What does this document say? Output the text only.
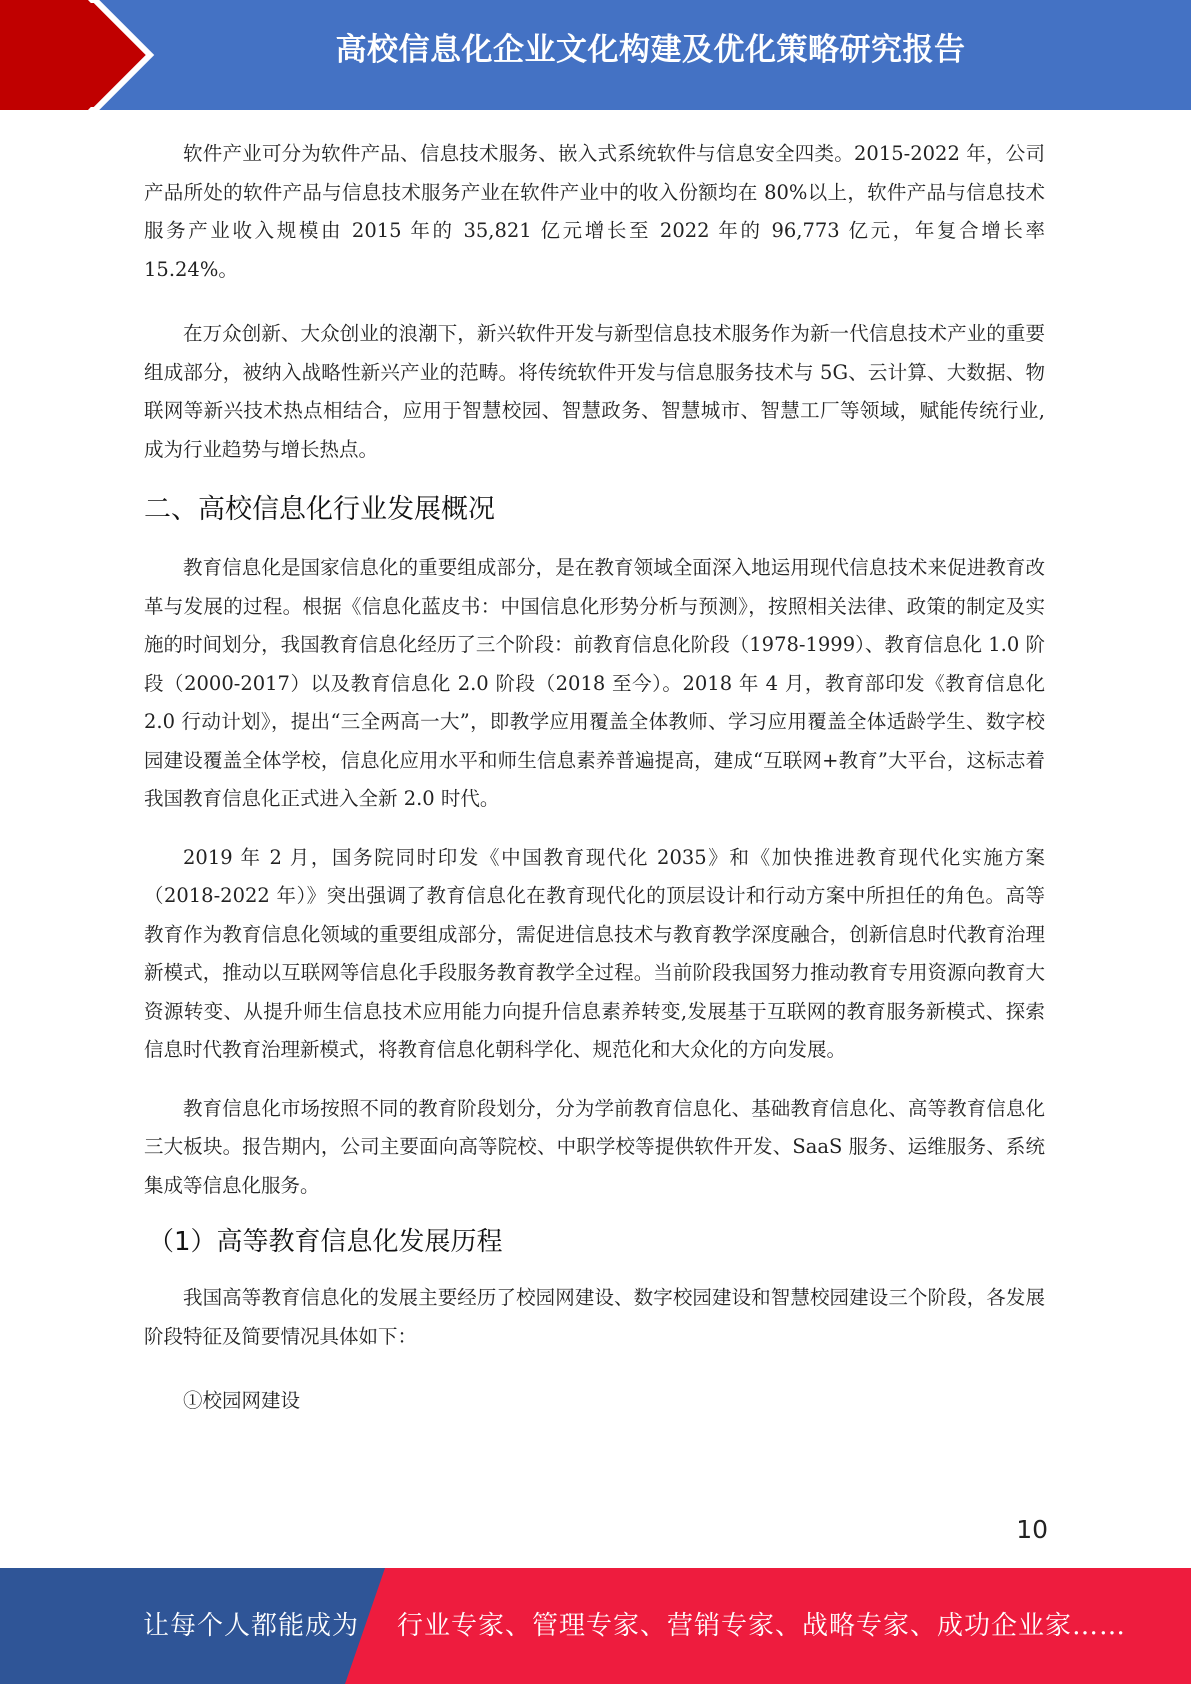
高校信息化企业文化构建及优化策略研究报告

软件产业可分为软件产品、信息技术服务、嵌入式系统软件与信息安全四类。2015-2022 年，公司产品所处的软件产品与信息技术服务产业在软件产业中的收入份额均在 80%以上，软件产品与信息技术服务产业收入规模由 2015 年的 35,821 亿元增长至 2022 年的 96,773 亿元，年复合增长率 15.24%。

在万众创新、大众创业的浪潮下，新兴软件开发与新型信息技术服务作为新一代信息技术产业的重要组成部分，被纳入战略性新兴产业的范畴。将传统软件开发与信息服务技术与 5G、云计算、大数据、物联网等新兴技术热点相结合，应用于智慧校园、智慧政务、智慧城市、智慧工厂等领域，赋能传统行业,成为行业趋势与增长热点。

二、高校信息化行业发展概况

教育信息化是国家信息化的重要组成部分，是在教育领域全面深入地运用现代信息技术来促进教育改革与发展的过程。根据《信息化蓝皮书：中国信息化形势分析与预测》，按照相关法律、政策的制定及实施的时间划分，我国教育信息化经历了三个阶段：前教育信息化阶段（1978-1999）、教育信息化 1.0 阶段（2000-2017）以及教育信息化 2.0 阶段（2018 至今）。2018 年 4 月，教育部印发《教育信息化 2.0 行动计划》，提出“三全两高一大”，即教学应用覆盖全体教师、学习应用覆盖全体适龄学生、数字校园建设覆盖全体学校，信息化应用水平和师生信息素养普遍提高，建成“互联网+教育”大平台，这标志着我国教育信息化正式进入全新 2.0 时代。

2019 年 2 月，国务院同时印发《中国教育现代化 2035》和《加快推进教育现代化实施方案（2018-2022 年）》突出强调了教育信息化在教育现代化的顶层设计和行动方案中所担任的角色。高等教育作为教育信息化领域的重要组成部分，需促进信息技术与教育教学深度融合，创新信息时代教育治理新模式，推动以互联网等信息化手段服务教育教学全过程。当前阶段我国努力推动教育专用资源向教育大资源转变、从提升师生信息技术应用能力向提升信息素养转变,发展基于互联网的教育服务新模式、探索信息时代教育治理新模式，将教育信息化朝科学化、规范化和大众化的方向发展。

教育信息化市场按照不同的教育阶段划分，分为学前教育信息化、基础教育信息化、高等教育信息化三大板块。报告期内，公司主要面向高等院校、中职学校等提供软件开发、SaaS 服务、运维服务、系统集成等信息化服务。

（1）高等教育信息化发展历程

我国高等教育信息化的发展主要经历了校园网建设、数字校园建设和智慧校园建设三个阶段，各发展阶段特征及简要情况具体如下：

①校园网建设

10
让每个人都能成为 行业专家、管理专家、营销专家、战略专家、成功企业家……
